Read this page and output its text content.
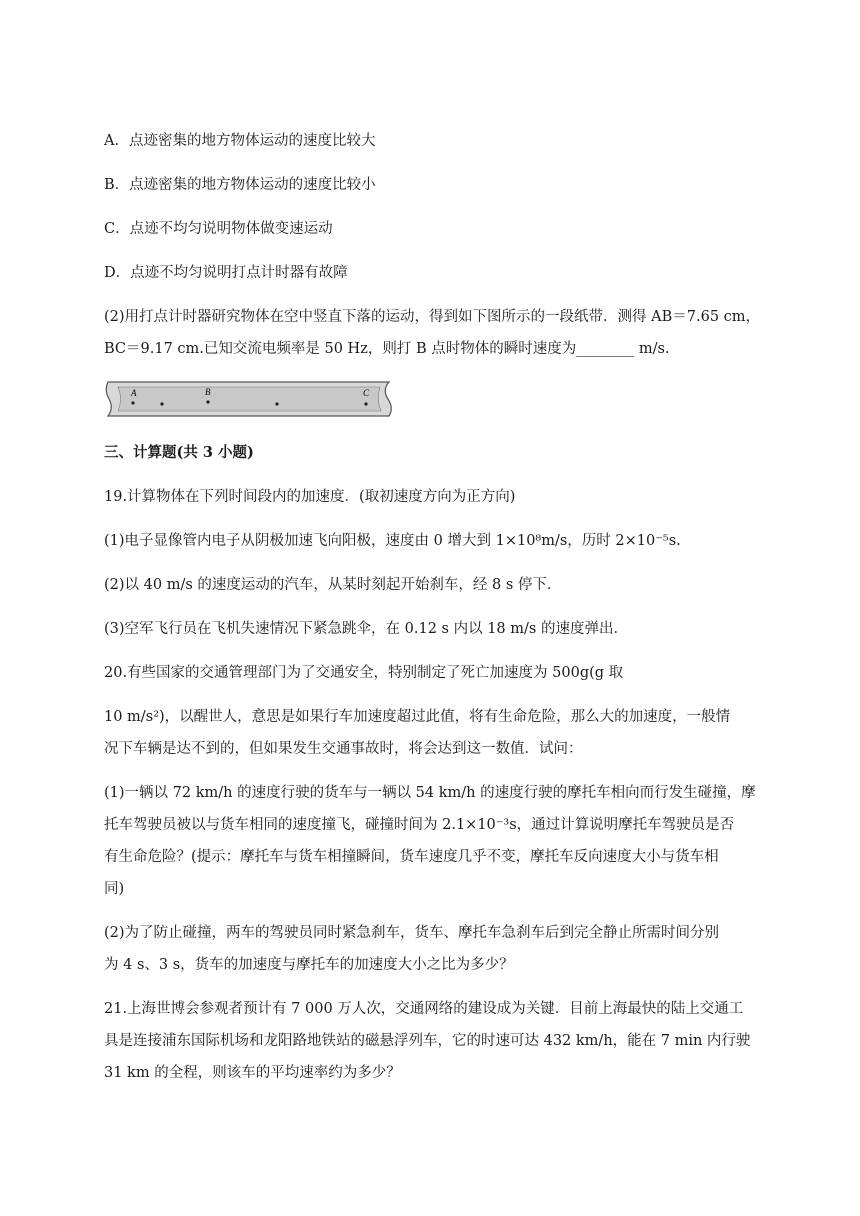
A．点迹密集的地方物体运动的速度比较大
B．点迹密集的地方物体运动的速度比较小
C．点迹不均匀说明物体做变速运动
D．点迹不均匀说明打点计时器有故障
(2)用打点计时器研究物体在空中竖直下落的运动，得到如下图所示的一段纸带．测得 AB＝7.65 cm，
BC＝9.17 cm.已知交流电频率是 50 Hz，则打 B 点时物体的瞬时速度为________ m/s.
A	B	C
三、计算题(共 3 小题)
19.计算物体在下列时间段内的加速度．(取初速度方向为正方向)
(1)电子显像管内电子从阴极加速飞向阳极，速度由 0 增大到 1×10⁸m/s，历时 2×10⁻⁵s.
(2)以 40 m/s 的速度运动的汽车，从某时刻起开始刹车，经 8 s 停下．
(3)空军飞行员在飞机失速情况下紧急跳伞，在 0.12 s 内以 18 m/s 的速度弹出．
20.有些国家的交通管理部门为了交通安全，特别制定了死亡加速度为 500g(g 取
10 m/s²)，以醒世人，意思是如果行车加速度超过此值，将有生命危险，那么大的加速度，一般情
况下车辆是达不到的，但如果发生交通事故时，将会达到这一数值．试问：
(1)一辆以 72 km/h 的速度行驶的货车与一辆以 54 km/h 的速度行驶的摩托车相向而行发生碰撞，摩
托车驾驶员被以与货车相同的速度撞飞，碰撞时间为 2.1×10⁻³s，通过计算说明摩托车驾驶员是否
有生命危险？(提示：摩托车与货车相撞瞬间，货车速度几乎不变，摩托车反向速度大小与货车相
同)
(2)为了防止碰撞，两车的驾驶员同时紧急刹车，货车、摩托车急刹车后到完全静止所需时间分别
为 4 s、3 s，货车的加速度与摩托车的加速度大小之比为多少？
21.上海世博会参观者预计有 7 000 万人次，交通网络的建设成为关键．目前上海最快的陆上交通工
具是连接浦东国际机场和龙阳路地铁站的磁悬浮列车，它的时速可达 432 km/h，能在 7 min 内行驶
31 km 的全程，则该车的平均速率约为多少？
